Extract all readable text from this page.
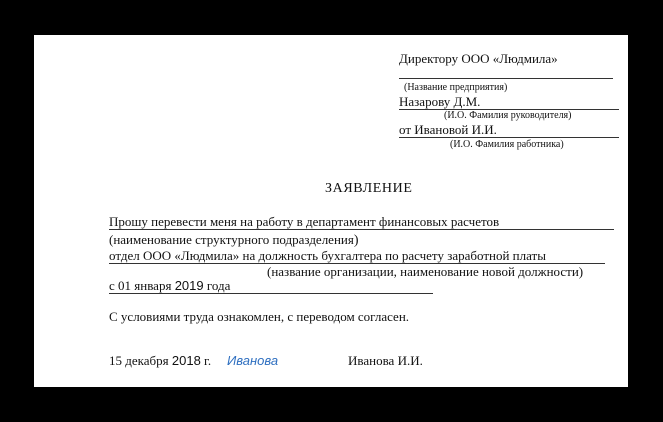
Директору ООО «Людмила»
(Название предприятия)
Назарову Д.М.
(И.О. Фамилия руководителя)
от Ивановой И.И.
(И.О. Фамилия работника)
ЗАЯВЛЕНИЕ
Прошу перевести меня на работу в департамент финансовых расчетов
(наименование структурного подразделения)
отдел ООО «Людмила» на должность бухгалтера по расчету заработной платы
(название организации, наименование новой должности)
с 01 января 2019 года
С условиями труда ознакомлен, с переводом согласен.
15 декабря 2018 г. Иванова	Иванова И.И.
